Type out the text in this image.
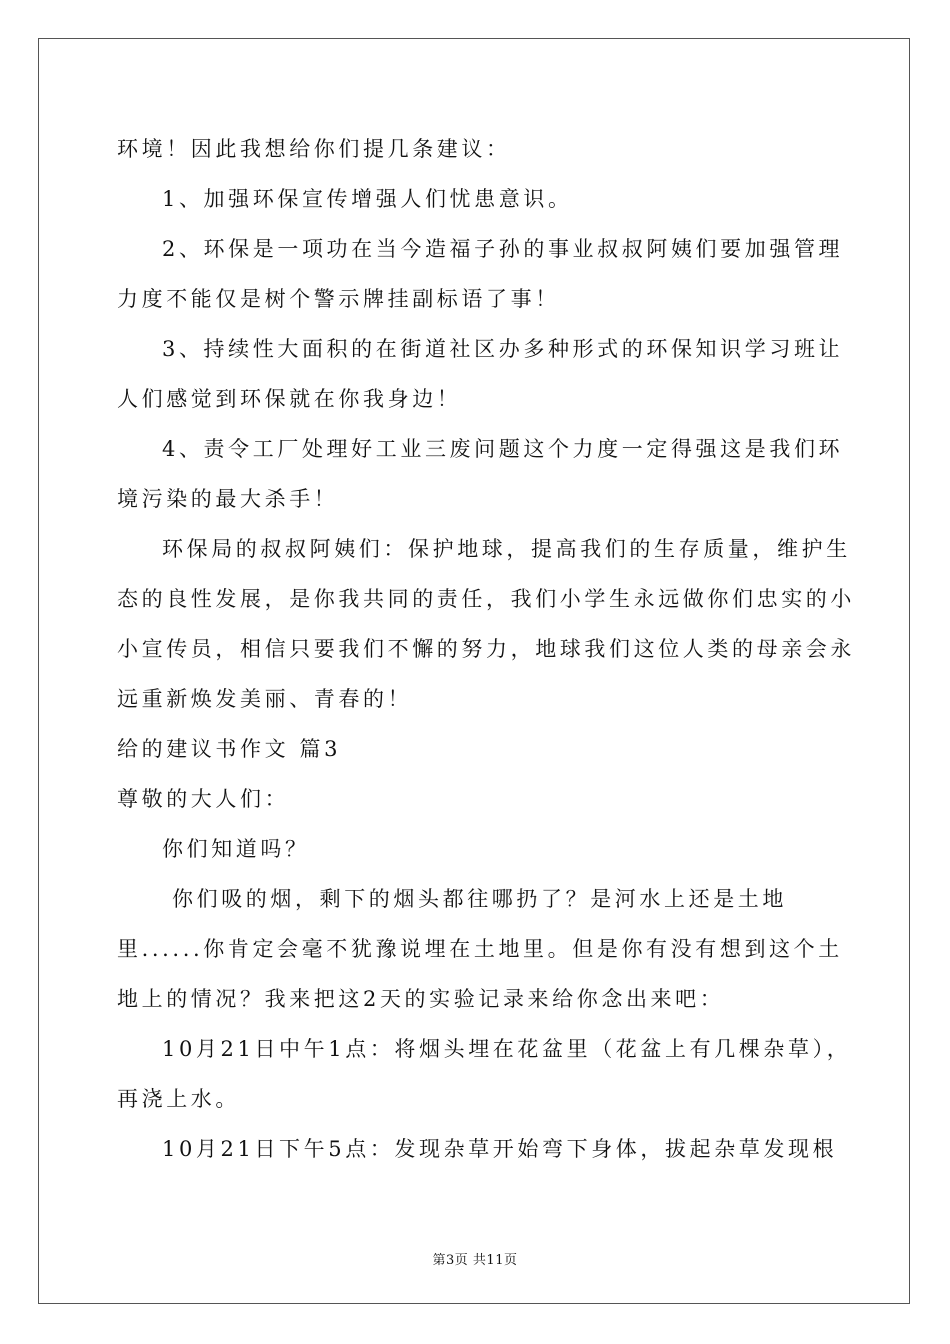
环境！因此我想给你们提几条建议：
1、加强环保宣传增强人们忧患意识。
2、环保是一项功在当今造福子孙的事业叔叔阿姨们要加强管理
力度不能仅是树个警示牌挂副标语了事！
3、持续性大面积的在街道社区办多种形式的环保知识学习班让
人们感觉到环保就在你我身边！
4、责令工厂处理好工业三废问题这个力度一定得强这是我们环
境污染的最大杀手！
环保局的叔叔阿姨们：保护地球，提高我们的生存质量，维护生
态的良性发展，是你我共同的责任，我们小学生永远做你们忠实的小
小宣传员，相信只要我们不懈的努力，地球我们这位人类的母亲会永
远重新焕发美丽、青春的！
给的建议书作文 篇3
尊敬的大人们：
你们知道吗？
你们吸的烟，剩下的烟头都往哪扔了？是河水上还是土地
里......你肯定会毫不犹豫说埋在土地里。但是你有没有想到这个土
地上的情况？我来把这2天的实验记录来给你念出来吧：
10月21日中午1点：将烟头埋在花盆里（花盆上有几棵杂草），
再浇上水。
10月21日下午5点：发现杂草开始弯下身体，拔起杂草发现根
第3页 共11页
